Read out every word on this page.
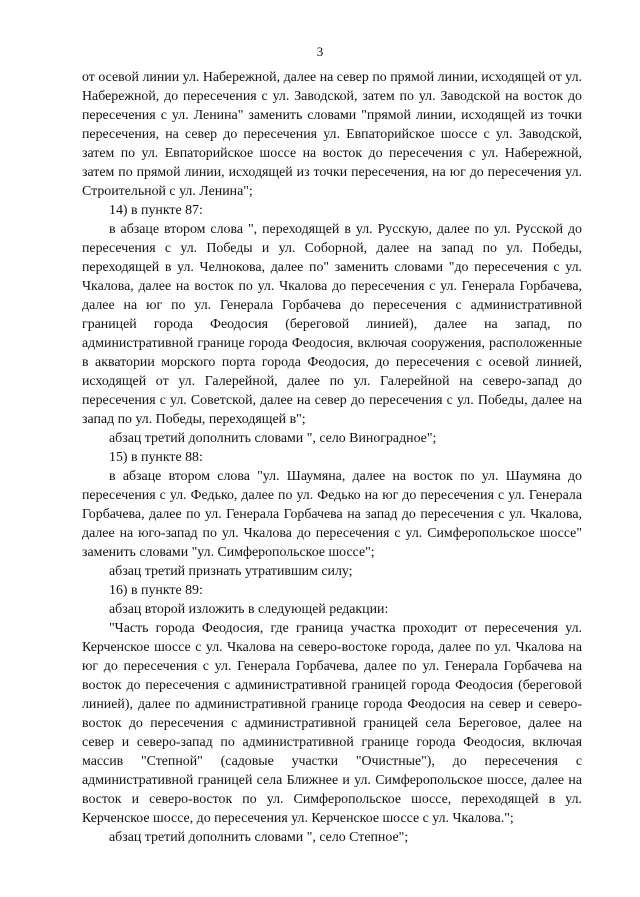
3

от осевой линии ул. Набережной, далее на север по прямой линии, исходящей от ул. Набережной, до пересечения с ул. Заводской, затем по ул. Заводской на восток до пересечения с ул. Ленина" заменить словами "прямой линии, исходящей из точки пересечения, на север до пересечения ул. Евпаторийское шоссе с ул. Заводской, затем по ул. Евпаторийское шоссе на восток до пересечения с ул. Набережной, затем по прямой линии, исходящей из точки пересечения, на юг до пересечения ул. Строительной с ул. Ленина";

14) в пункте 87:

в абзаце втором слова ", переходящей в ул. Русскую, далее по ул. Русской до пересечения с ул. Победы и ул. Соборной, далее на запад по ул. Победы, переходящей в ул. Челнокова, далее по" заменить словами "до пересечения с ул. Чкалова, далее на восток по ул. Чкалова до пересечения с ул. Генерала Горбачева, далее на юг по ул. Генерала Горбачева до пересечения с административной границей города Феодосия (береговой линией), далее на запад, по административной границе города Феодосия, включая сооружения, расположенные в акватории морского порта города Феодосия, до пересечения с осевой линией, исходящей от ул. Галерейной, далее по ул. Галерейной на северо-запад до пересечения с ул. Советской, далее на север до пересечения с ул. Победы, далее на запад по ул. Победы, переходящей в";

абзац третий дополнить словами ", село Виноградное";

15) в пункте 88:

в абзаце втором слова "ул. Шаумяна, далее на восток по ул. Шаумяна до пересечения с ул. Федько, далее по ул. Федько на юг до пересечения с ул. Генерала Горбачева, далее по ул. Генерала Горбачева на запад до пересечения с ул. Чкалова, далее на юго-запад по ул. Чкалова до пересечения с ул. Симферопольское шоссе" заменить словами "ул. Симферопольское шоссе";

абзац третий признать утратившим силу;

16) в пункте 89:

абзац второй изложить в следующей редакции:

"Часть города Феодосия, где граница участка проходит от пересечения ул. Керченское шоссе с ул. Чкалова на северо-востоке города, далее по ул. Чкалова на юг до пересечения с ул. Генерала Горбачева, далее по ул. Генерала Горбачева на восток до пересечения с административной границей города Феодосия (береговой линией), далее по административной границе города Феодосия на север и северо-восток до пересечения с административной границей села Береговое, далее на север и северо-запад по административной границе города Феодосия, включая массив "Степной" (садовые участки "Очистные"), до пересечения с административной границей села Ближнее и ул. Симферопольское шоссе, далее на восток и северо-восток по ул. Симферопольское шоссе, переходящей в ул. Керченское шоссе, до пересечения ул. Керченское шоссе с ул. Чкалова.";

абзац третий дополнить словами ", село Степное";
